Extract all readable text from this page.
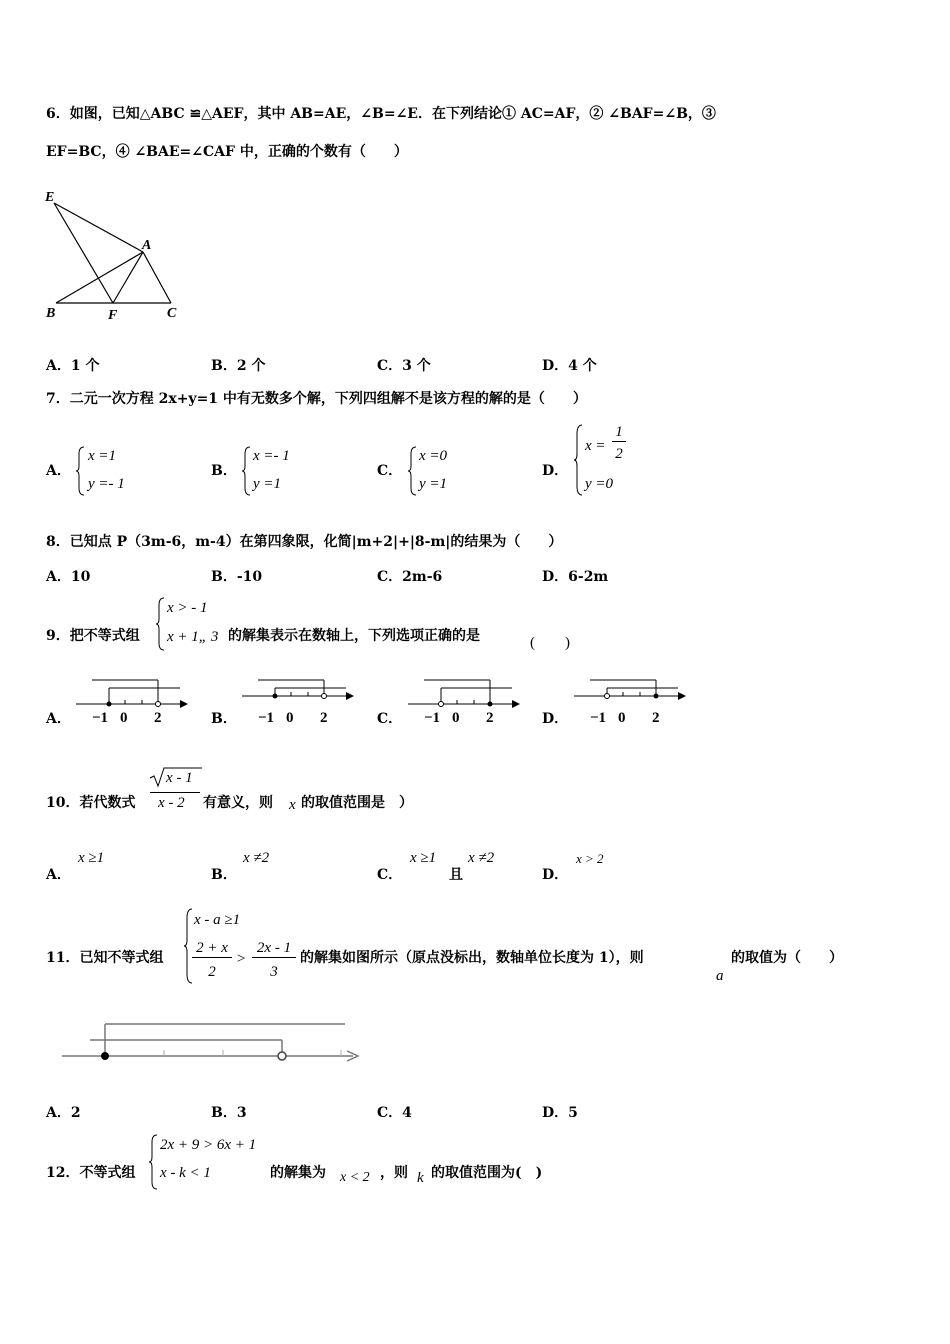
6．如图，已知△ABC ≌△AEF，其中 AB=AE，∠B=∠E．在下列结论① AC=AF，② ∠BAF=∠B，③
EF=BC，④ ∠BAE=∠CAF 中，正确的个数有（　　）
E
A
B	F	C
A．1 个	B．2 个	C．3 个	D．4 个
7．二元一次方程 2x+y=1 中有无数多个解，下列四组解不是该方程的解的是（　　）
A．
x =1
y =- 1
B．
x =- 1
y =1
C．
x =0
y =1
D．
x =
1
2
y =0
8．已知点 P（3m-6，m-4）在第四象限，化简|m+2|+|8-m|的结果为（　　）
A．10	B．-10	C．2m-6	D．6-2m
9．把不等式组
x > - 1
x + 1„ 3 的解集表示在数轴上，下列选项正确的是	(　　)
A．	B．	C．	D．
−1 0 2	−1 0 2	−1 0 2	−1 0 2
10．若代数式
x - 1
x - 2 有意义，则 x 的取值范围是　）
A．
x ≥1
B．
x ≠2
C．
x ≥1
且
x ≠2
D．
x > 2
11．已知不等式组
x - a ≥1
2 + x
2
>
2x - 1
3
的解集如图所示（原点没标出，数轴单位长度为 1），则
a
的取值为（　　）
A．2	B．3	C．4	D．5
12．不等式组
2x + 9 > 6x + 1
x - k < 1	的解集为 x < 2 ，则 k 的取值范围为(　)
